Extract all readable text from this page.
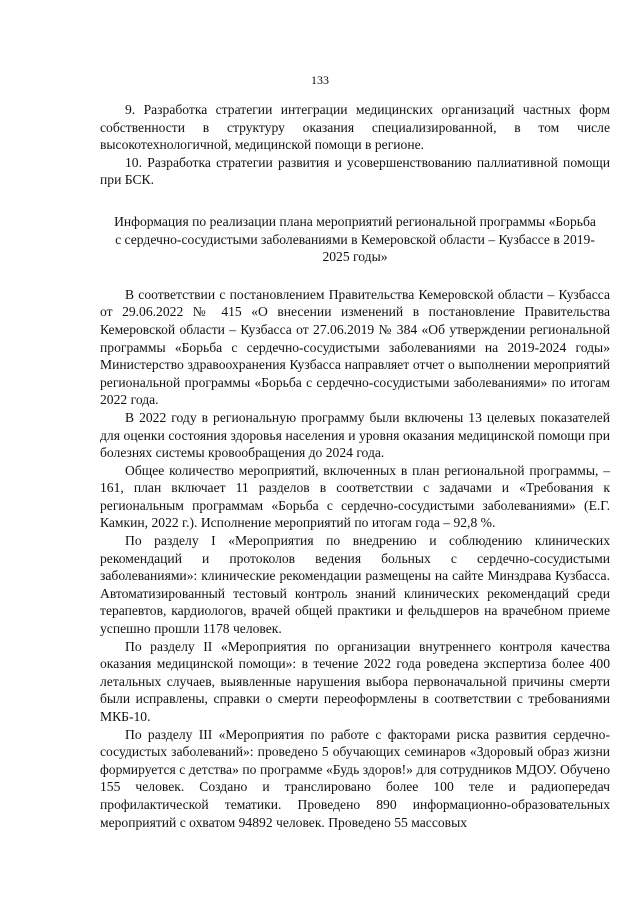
133

9. Разработка стратегии интеграции медицинских организаций частных форм собственности в структуру оказания специализированной, в том числе высокотехнологичной, медицинской помощи в регионе.

10. Разработка стратегии развития и усовершенствованию паллиативной помощи при БСК.

Информация по реализации плана мероприятий региональной программы «Борьба с сердечно-сосудистыми заболеваниями в Кемеровской области – Кузбассе в 2019-2025 годы»

В соответствии с постановлением Правительства Кемеровской области – Кузбасса от 29.06.2022 № 415 «О внесении изменений в постановление Правительства Кемеровской области – Кузбасса от 27.06.2019 № 384 «Об утверждении региональной программы «Борьба с сердечно-сосудистыми заболеваниями на 2019-2024 годы» Министерство здравоохранения Кузбасса направляет отчет о выполнении мероприятий региональной программы «Борьба с сердечно-сосудистыми заболеваниями» по итогам 2022 года.

В 2022 году в региональную программу были включены 13 целевых показателей для оценки состояния здоровья населения и уровня оказания медицинской помощи при болезнях системы кровообращения до 2024 года.

Общее количество мероприятий, включенных в план региональной программы, – 161, план включает 11 разделов в соответствии с задачами и «Требования к региональным программам «Борьба с сердечно-сосудистыми заболеваниями» (Е.Г. Камкин, 2022 г.). Исполнение мероприятий по итогам года – 92,8 %.

По разделу I «Мероприятия по внедрению и соблюдению клинических рекомендаций и протоколов ведения больных с сердечно-сосудистыми заболеваниями»: клинические рекомендации размещены на сайте Минздрава Кузбасса. Автоматизированный тестовый контроль знаний клинических рекомендаций среди терапевтов, кардиологов, врачей общей практики и фельдшеров на врачебном приеме успешно прошли 1178 человек.

По разделу II «Мероприятия по организации внутреннего контроля качества оказания медицинской помощи»: в течение 2022 года роведена экспертиза более 400 летальных случаев, выявленные нарушения выбора первоначальной причины смерти были исправлены, справки о смерти переоформлены в соответствии с требованиями МКБ-10.

По разделу III «Мероприятия по работе с факторами риска развития сердечно-сосудистых заболеваний»: проведено 5 обучающих семинаров «Здоровый образ жизни формируется с детства» по программе «Будь здоров!» для сотрудников МДОУ. Обучено 155 человек. Создано и транслировано более 100 теле и радиопередач профилактической тематики. Проведено 890 информационно-образовательных мероприятий с охватом 94892 человек. Проведено 55 массовых
